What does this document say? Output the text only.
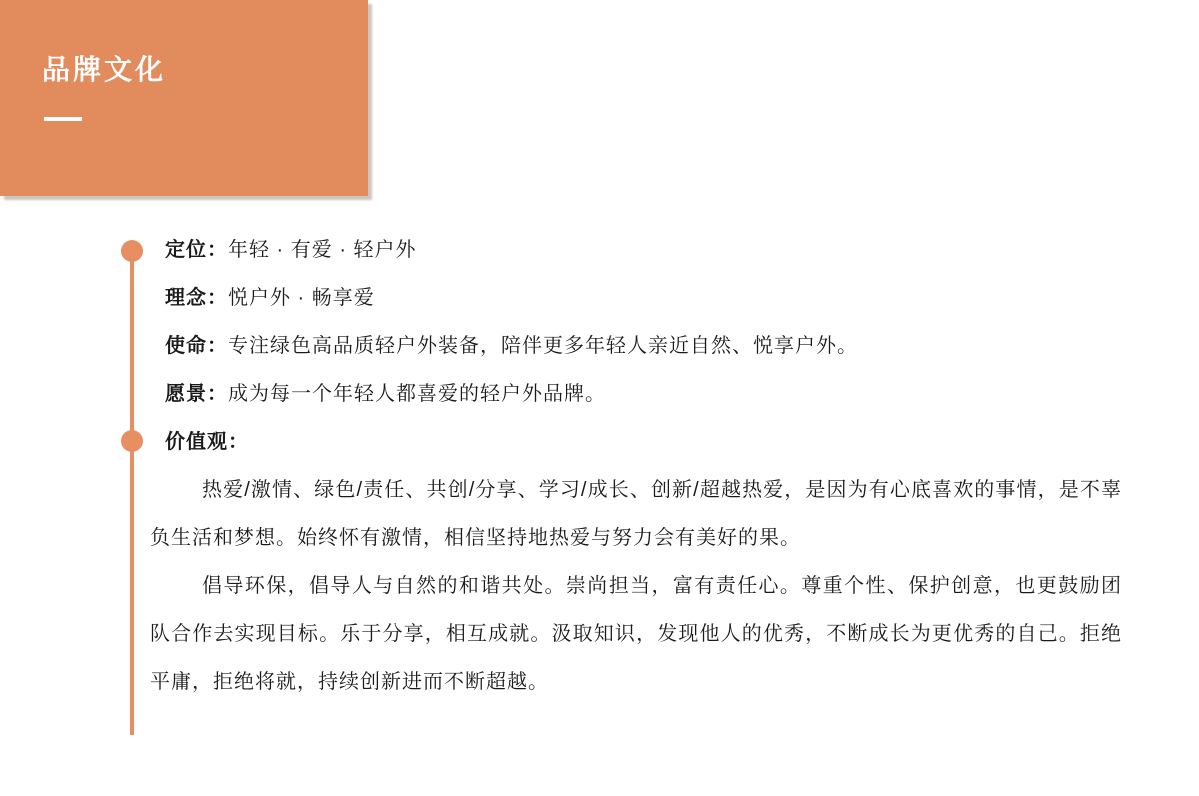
品牌文化
定位：年轻 · 有爱 · 轻户外
理念：悦户外 · 畅享爱
使命：专注绿色高品质轻户外装备，陪伴更多年轻人亲近自然、悦享户外。
愿景：成为每一个年轻人都喜爱的轻户外品牌。
价值观：
热爱/激情、绿色/责任、共创/分享、学习/成长、创新/超越热爱，是因为有心底喜欢的事情，是不辜负生活和梦想。始终怀有激情，相信坚持地热爱与努力会有美好的果。
倡导环保，倡导人与自然的和谐共处。崇尚担当，富有责任心。尊重个性、保护创意，也更鼓励团队合作去实现目标。乐于分享，相互成就。汲取知识，发现他人的优秀，不断成长为更优秀的自己。拒绝平庸，拒绝将就，持续创新进而不断超越。
